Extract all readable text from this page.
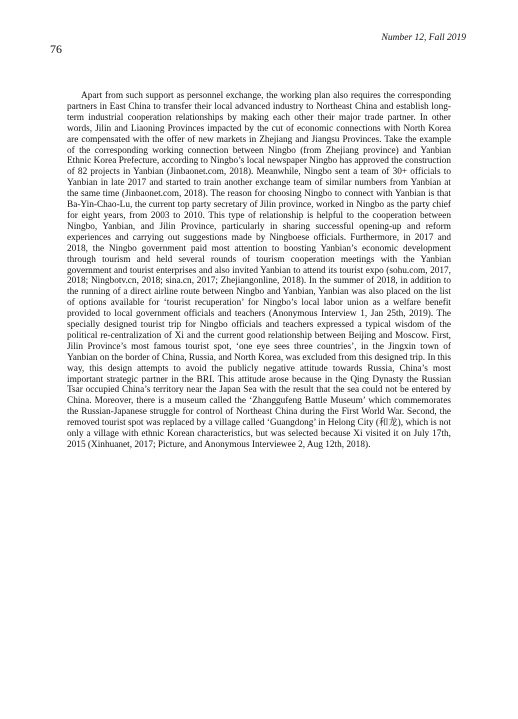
76
Number 12, Fall 2019

Apart from such support as personnel exchange, the working plan also requires the corresponding partners in East China to transfer their local advanced industry to Northeast China and establish long-term industrial cooperation relationships by making each other their major trade partner. In other words, Jilin and Liaoning Provinces impacted by the cut of economic connections with North Korea are compensated with the offer of new markets in Zhejiang and Jiangsu Provinces. Take the example of the corresponding working connection between Ningbo (from Zhejiang province) and Yanbian Ethnic Korea Prefecture, according to Ningbo’s local newspaper Ningbo has approved the construction of 82 projects in Yanbian (Jinbaonet.com, 2018). Meanwhile, Ningbo sent a team of 30+ officials to Yanbian in late 2017 and started to train another exchange team of similar numbers from Yanbian at the same time (Jinbaonet.com, 2018). The reason for choosing Ningbo to connect with Yanbian is that Ba-Yin-Chao-Lu, the current top party secretary of Jilin province, worked in Ningbo as the party chief for eight years, from 2003 to 2010. This type of relationship is helpful to the cooperation between Ningbo, Yanbian, and Jilin Province, particularly in sharing successful opening-up and reform experiences and carrying out suggestions made by Ningboese officials. Furthermore, in 2017 and 2018, the Ningbo government paid most attention to boosting Yanbian’s economic development through tourism and held several rounds of tourism cooperation meetings with the Yanbian government and tourist enterprises and also invited Yanbian to attend its tourist expo (sohu.com, 2017, 2018; Ningbotv.cn, 2018; sina.cn, 2017; Zhejiangonline, 2018). In the summer of 2018, in addition to the running of a direct airline route between Ningbo and Yanbian, Yanbian was also placed on the list of options available for ‘tourist recuperation’ for Ningbo’s local labor union as a welfare benefit provided to local government officials and teachers (Anonymous Interview 1, Jan 25th, 2019). The specially designed tourist trip for Ningbo officials and teachers expressed a typical wisdom of the political re-centralization of Xi and the current good relationship between Beijing and Moscow. First, Jilin Province’s most famous tourist spot, ‘one eye sees three countries’, in the Jingxin town of Yanbian on the border of China, Russia, and North Korea, was excluded from this designed trip. In this way, this design attempts to avoid the publicly negative attitude towards Russia, China’s most important strategic partner in the BRI. This attitude arose because in the Qing Dynasty the Russian Tsar occupied China’s territory near the Japan Sea with the result that the sea could not be entered by China. Moreover, there is a museum called the ‘Zhanggufeng Battle Museum’ which commemorates the Russian-Japanese struggle for control of Northeast China during the First World War. Second, the removed tourist spot was replaced by a village called ‘Guangdong’ in Helong City (和龙), which is not only a village with ethnic Korean characteristics, but was selected because Xi visited it on July 17th, 2015 (Xinhuanet, 2017; Picture, and Anonymous Interviewee 2, Aug 12th, 2018).
